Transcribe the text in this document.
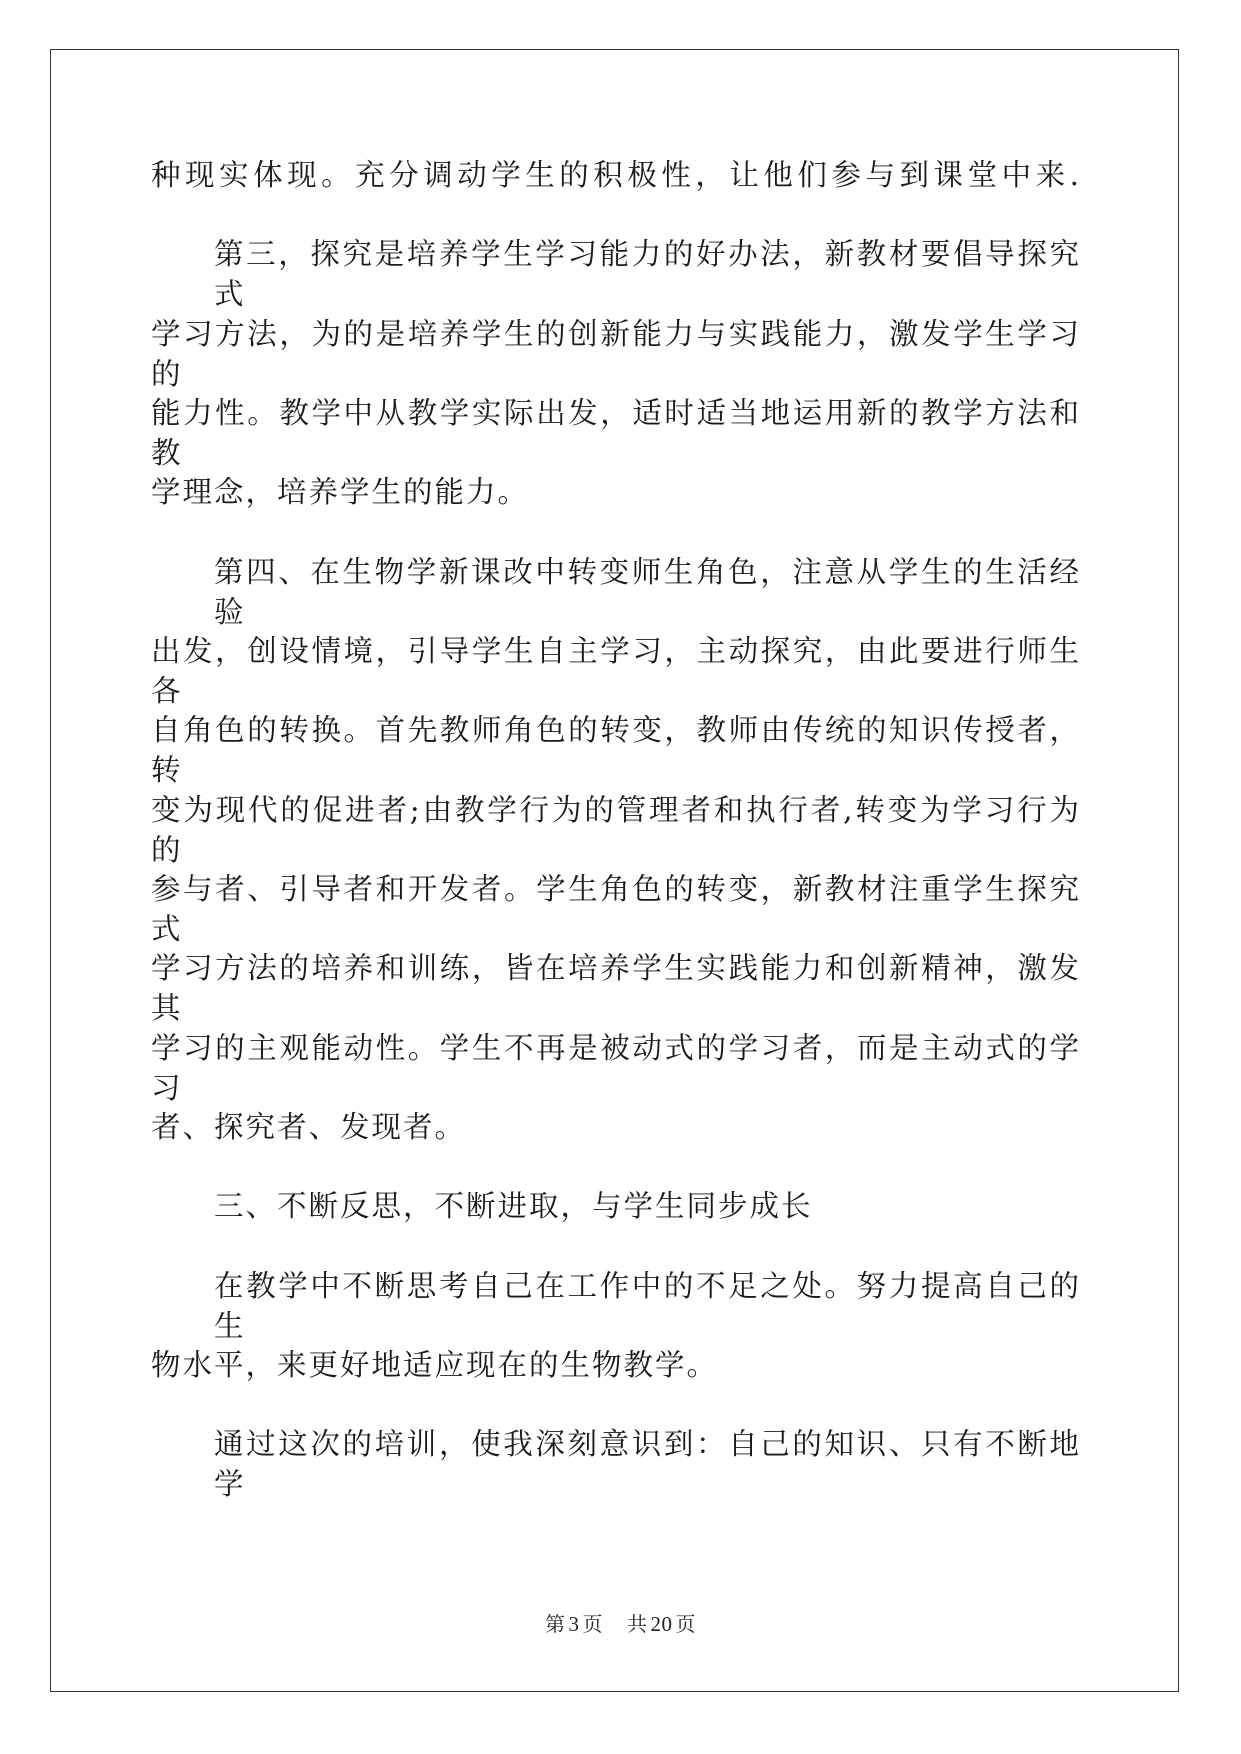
种现实体现。充分调动学生的积极性，让他们参与到课堂中来.
第三，探究是培养学生学习能力的好办法，新教材要倡导探究式
学习方法，为的是培养学生的创新能力与实践能力，激发学生学习的
能力性。教学中从教学实际出发，适时适当地运用新的教学方法和教
学理念，培养学生的能力。
第四、在生物学新课改中转变师生角色，注意从学生的生活经验
出发，创设情境，引导学生自主学习，主动探究，由此要进行师生各
自角色的转换。首先教师角色的转变，教师由传统的知识传授者，转
变为现代的促进者;由教学行为的管理者和执行者,转变为学习行为的
参与者、引导者和开发者。学生角色的转变，新教材注重学生探究式
学习方法的培养和训练，皆在培养学生实践能力和创新精神，激发其
学习的主观能动性。学生不再是被动式的学习者，而是主动式的学习
者、探究者、发现者。
三、不断反思，不断进取，与学生同步成长
在教学中不断思考自己在工作中的不足之处。努力提高自己的生
物水平，来更好地适应现在的生物教学。
通过这次的培训，使我深刻意识到：自己的知识、只有不断地学
第 3 页 共 20 页
